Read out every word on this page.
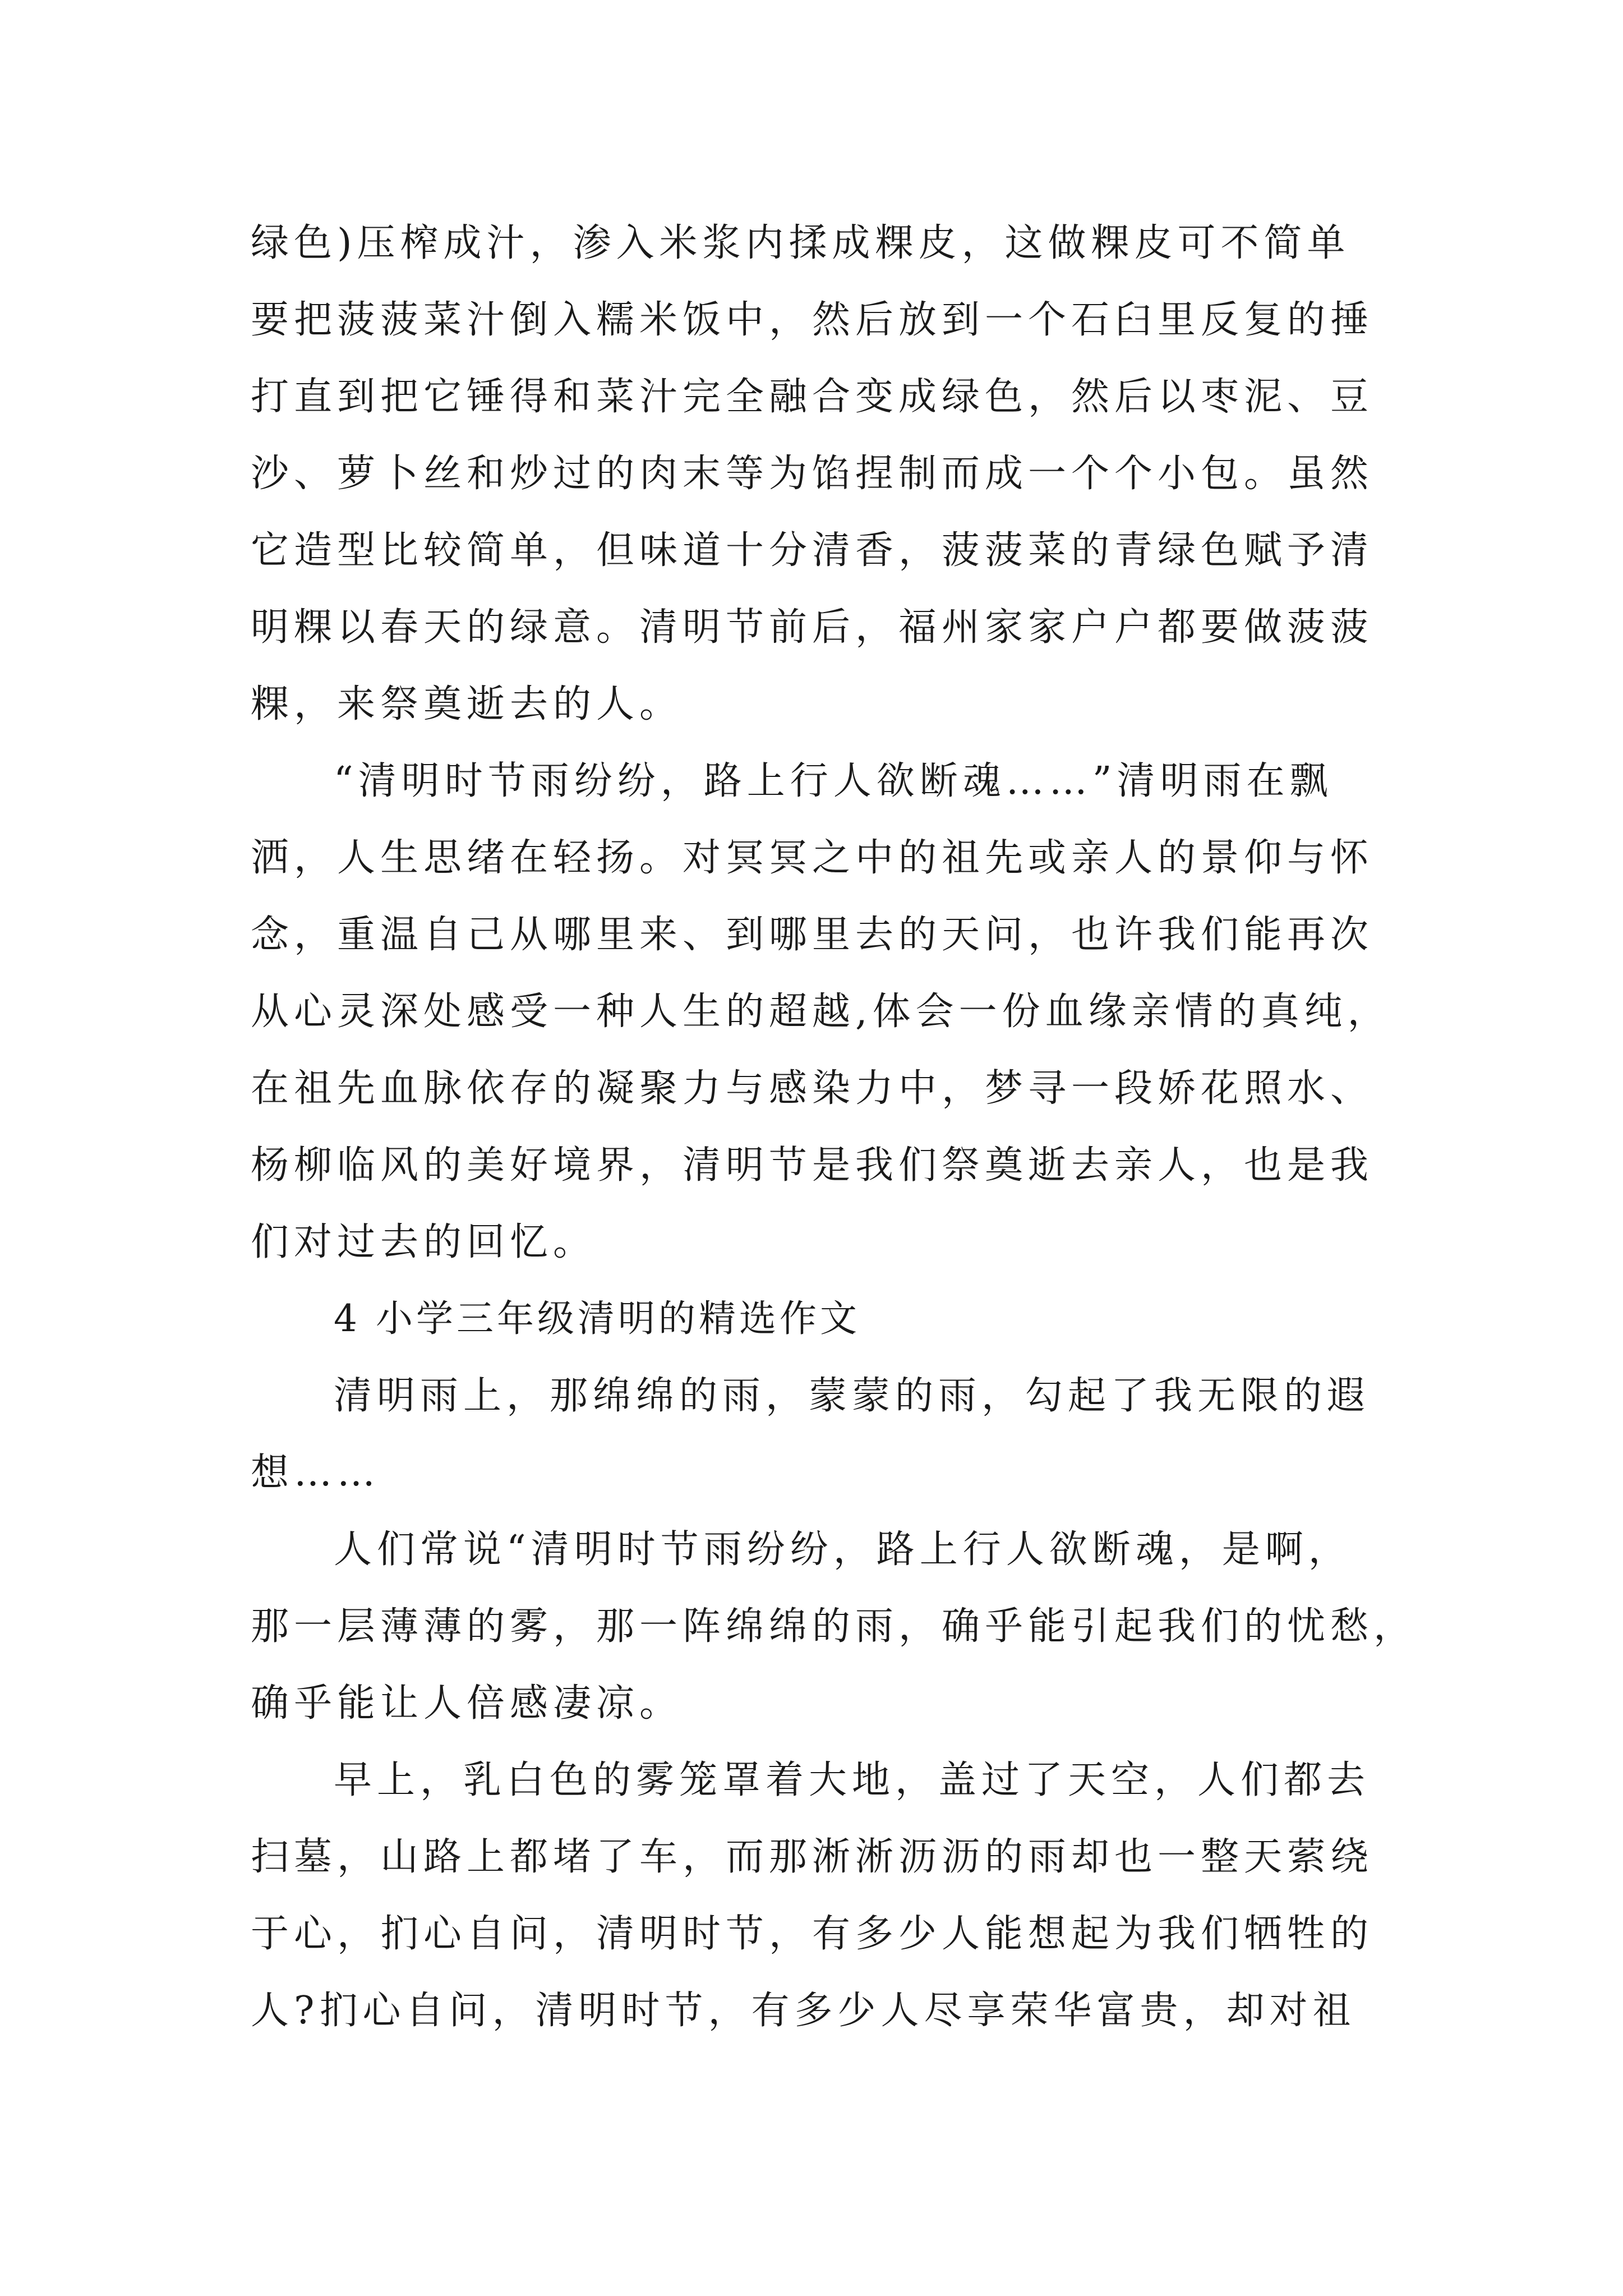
绿色)压榨成汁，渗入米浆内揉成粿皮，这做粿皮可不简单

要把菠菠菜汁倒入糯米饭中，然后放到一个石臼里反复的捶

打直到把它锤得和菜汁完全融合变成绿色，然后以枣泥、豆

沙、萝卜丝和炒过的肉末等为馅捏制而成一个个小包。虽然

它造型比较简单，但味道十分清香，菠菠菜的青绿色赋予清

明粿以春天的绿意。清明节前后，福州家家户户都要做菠菠

粿，来祭奠逝去的人。

“清明时节雨纷纷，路上行人欲断魂……”清明雨在飘

洒，人生思绪在轻扬。对冥冥之中的祖先或亲人的景仰与怀

念，重温自己从哪里来、到哪里去的天问，也许我们能再次

从心灵深处感受一种人生的超越,体会一份血缘亲情的真纯，

在祖先血脉依存的凝聚力与感染力中，梦寻一段娇花照水、

杨柳临风的美好境界，清明节是我们祭奠逝去亲人，也是我

们对过去的回忆。

4 小学三年级清明的精选作文

清明雨上，那绵绵的雨，蒙蒙的雨，勾起了我无限的遐

想……

人们常说“清明时节雨纷纷，路上行人欲断魂，是啊，

那一层薄薄的雾，那一阵绵绵的雨，确乎能引起我们的忧愁，

确乎能让人倍感凄凉。

早上，乳白色的雾笼罩着大地，盖过了天空，人们都去

扫墓，山路上都堵了车，而那淅淅沥沥的雨却也一整天萦绕

于心，扪心自问，清明时节，有多少人能想起为我们牺牲的

人?扪心自问，清明时节，有多少人尽享荣华富贵，却对祖
